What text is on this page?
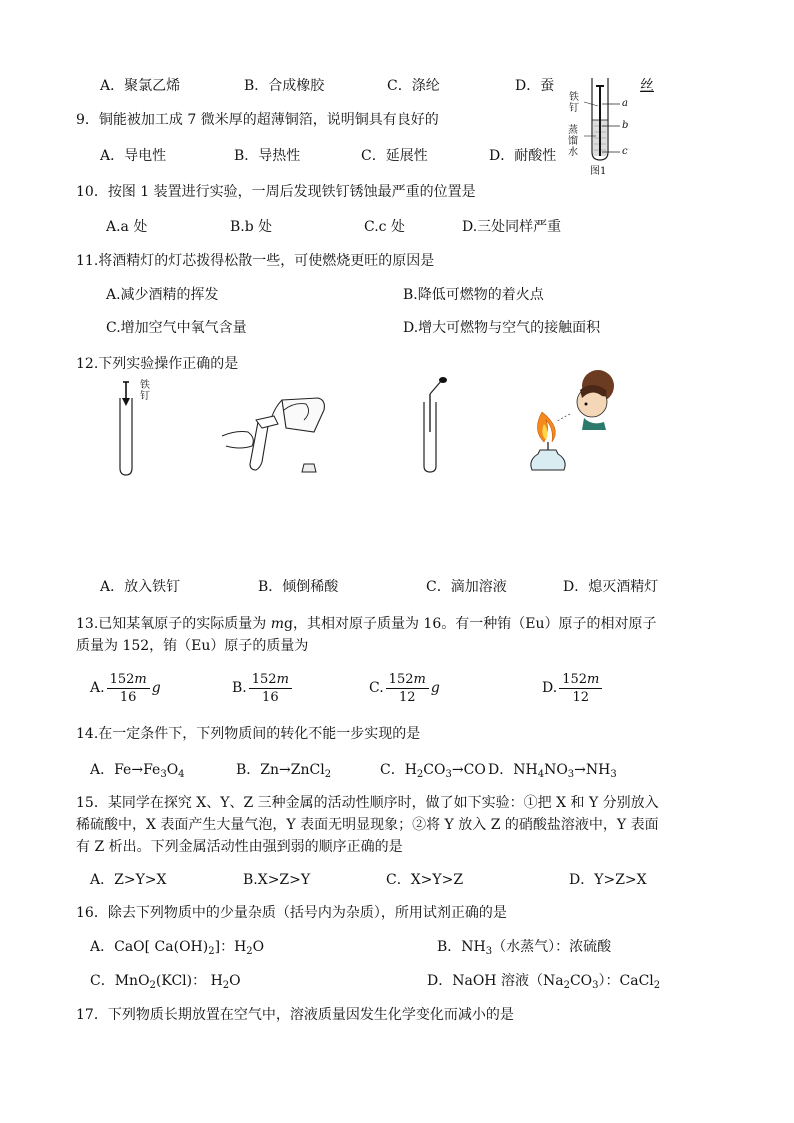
A．聚氯乙烯	B．合成橡胶	C．涤纶	D．蚕	丝
铁
钉
蒸
馏
水
a
b
c
图1
9．铜能被加工成 7 微米厚的超薄铜箔，说明铜具有良好的
A．导电性	B．导热性	C．延展性	D．耐酸性
10．按图 1 装置进行实验，一周后发现铁钉锈蚀最严重的位置是
A.a 处	B.b 处	C.c 处	D.三处同样严重
11.将酒精灯的灯芯拨得松散一些，可使燃烧更旺的原因是
A.减少酒精的挥发	B.降低可燃物的着火点
C.增加空气中氧气含量	D.增大可燃物与空气的接触面积
12.下列实验操作正确的是
铁
钉
A．放入铁钉	B．倾倒稀酸	C．滴加溶液	D．熄灭酒精灯
13.已知某氧原子的实际质量为 mg，其相对原子质量为 16。有一种铕（Eu）原子的相对原子
质量为 152，铕（Eu）原子的质量为
A. $\frac{152m}{16}$ g	B. $\frac{152m}{16}$	C. $\frac{152m}{12}$ g	D. $\frac{152m}{12}$
14.在一定条件下，下列物质间的转化不能一步实现的是
A．$Fe\to Fe_3O_4$	B．Zn→ZnCl$_2$	C．$H_2CO_3\to CO$ D．$NH_4NO_3\to NH_3$
15．某同学在探究 X、Y、Z 三种金属的活动性顺序时，做了如下实验：①把 X 和 Y 分别放入
稀硫酸中，X 表面产生大量气泡，Y 表面无明显现象；②将 Y 放入 Z 的硝酸盐溶液中，Y 表面
有 Z 析出。下列金属活动性由强到弱的顺序正确的是
A．Z>Y>X	B.X>Z>Y	C．X>Y>Z	D．Y>Z>X
16．除去下列物质中的少量杂质（括号内为杂质），所用试剂正确的是
A．CaO[ $Ca(OH)_2$]：$H_2O$	B．$NH_3$（水蒸气）：浓硫酸
C．MnO$_2$(KCl)： $H_2O$	D．NaOH 溶液$(Na_2CO_3)$：CaCl$_2$
17．下列物质长期放置在空气中，溶液质量因发生化学变化而减小的是
